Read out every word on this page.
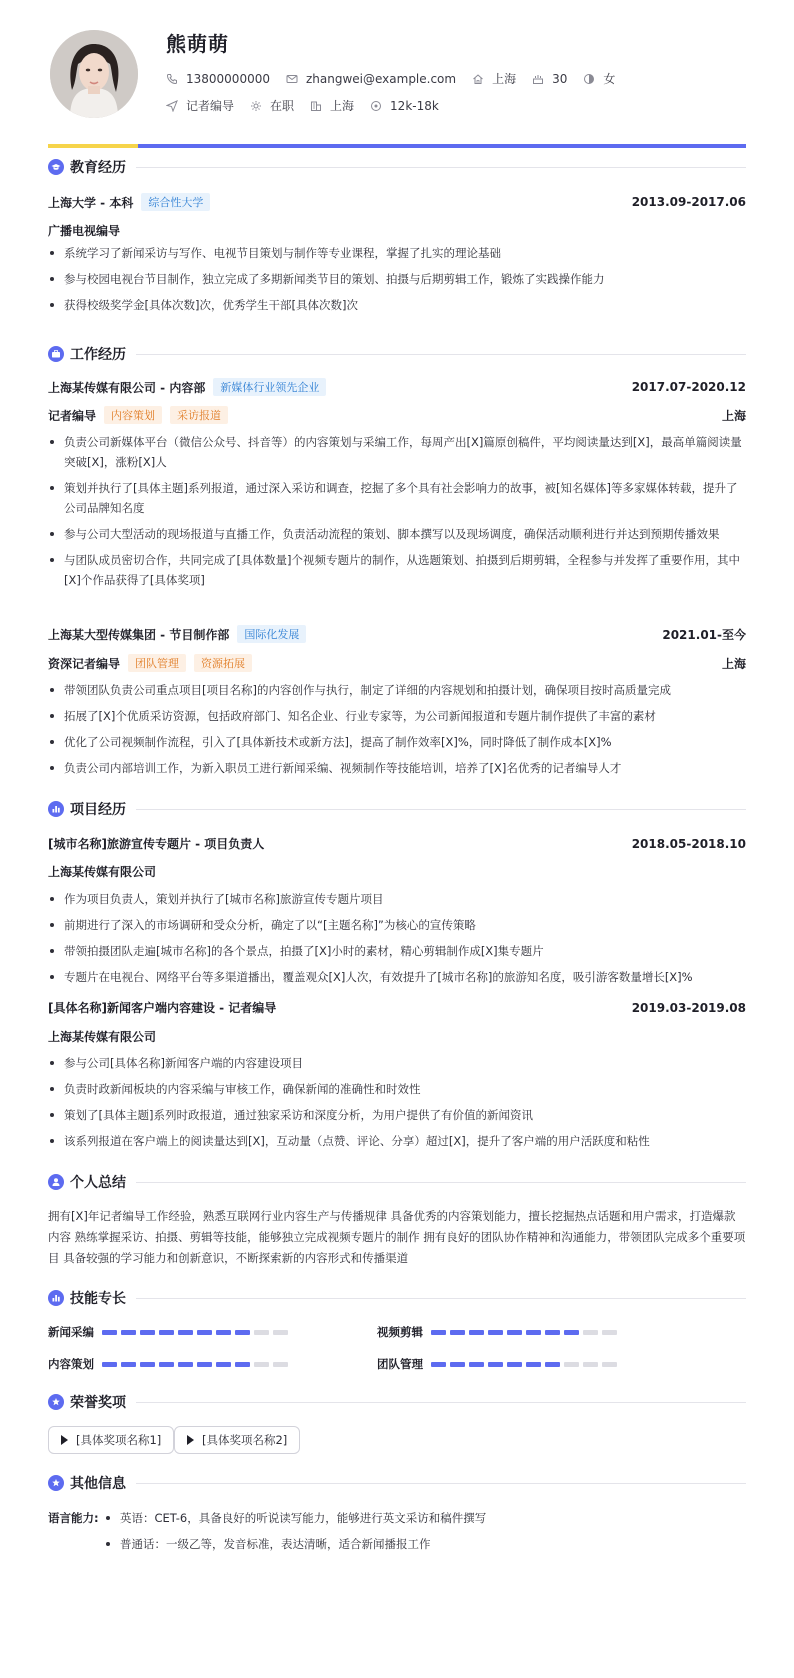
熊萌萌
13800000000	zhangwei@example.com	上海	30	女
记者编导	在职	上海	12k-18k
教育经历
上海大学 - 本科	综合性大学	2013.09-2017.06
广播电视编导
系统学习了新闻采访与写作、电视节目策划与制作等专业课程，掌握了扎实的理论基础
参与校园电视台节目制作，独立完成了多期新闻类节目的策划、拍摄与后期剪辑工作，锻炼了实践操作能力
获得校级奖学金[具体次数]次，优秀学生干部[具体次数]次
工作经历
上海某传媒有限公司 - 内容部	新媒体行业领先企业	2017.07-2020.12
记者编导	内容策划	采访报道	上海
负责公司新媒体平台（微信公众号、抖音等）的内容策划与采编工作，每周产出[X]篇原创稿件，平均阅读量达到[X]，最高单篇阅读量突破[X]，涨粉[X]人
策划并执行了[具体主题]系列报道，通过深入采访和调查，挖掘了多个具有社会影响力的故事，被[知名媒体]等多家媒体转载，提升了公司品牌知名度
参与公司大型活动的现场报道与直播工作，负责活动流程的策划、脚本撰写以及现场调度，确保活动顺利进行并达到预期传播效果
与团队成员密切合作，共同完成了[具体数量]个视频专题片的制作，从选题策划、拍摄到后期剪辑，全程参与并发挥了重要作用，其中[X]个作品获得了[具体奖项]
上海某大型传媒集团 - 节目制作部	国际化发展	2021.01-至今
资深记者编导	团队管理	资源拓展	上海
带领团队负责公司重点项目[项目名称]的内容创作与执行，制定了详细的内容规划和拍摄计划，确保项目按时高质量完成
拓展了[X]个优质采访资源，包括政府部门、知名企业、行业专家等，为公司新闻报道和专题片制作提供了丰富的素材
优化了公司视频制作流程，引入了[具体新技术或新方法]，提高了制作效率[X]%，同时降低了制作成本[X]%
负责公司内部培训工作，为新入职员工进行新闻采编、视频制作等技能培训，培养了[X]名优秀的记者编导人才
项目经历
[城市名称]旅游宣传专题片 - 项目负责人	2018.05-2018.10
上海某传媒有限公司
作为项目负责人，策划并执行了[城市名称]旅游宣传专题片项目
前期进行了深入的市场调研和受众分析，确定了以“[主题名称]”为核心的宣传策略
带领拍摄团队走遍[城市名称]的各个景点，拍摄了[X]小时的素材，精心剪辑制作成[X]集专题片
专题片在电视台、网络平台等多渠道播出，覆盖观众[X]人次，有效提升了[城市名称]的旅游知名度，吸引游客数量增长[X]%
[具体名称]新闻客户端内容建设 - 记者编导	2019.03-2019.08
上海某传媒有限公司
参与公司[具体名称]新闻客户端的内容建设项目
负责时政新闻板块的内容采编与审核工作，确保新闻的准确性和时效性
策划了[具体主题]系列时政报道，通过独家采访和深度分析，为用户提供了有价值的新闻资讯
该系列报道在客户端上的阅读量达到[X]，互动量（点赞、评论、分享）超过[X]，提升了客户端的用户活跃度和粘性
个人总结
拥有[X]年记者编导工作经验，熟悉互联网行业内容生产与传播规律 具备优秀的内容策划能力，擅长挖掘热点话题和用户需求，打造爆款内容 熟练掌握采访、拍摄、剪辑等技能，能够独立完成视频专题片的制作 拥有良好的团队协作精神和沟通能力，带领团队完成多个重要项目 具备较强的学习能力和创新意识，不断探索新的内容形式和传播渠道
技能专长
新闻采编	视频剪辑
内容策划	团队管理
荣誉奖项
[具体奖项名称1]	[具体奖项名称2]
其他信息
语言能力:	英语：CET-6，具备良好的听说读写能力，能够进行英文采访和稿件撰写
普通话：一级乙等，发音标准，表达清晰，适合新闻播报工作
